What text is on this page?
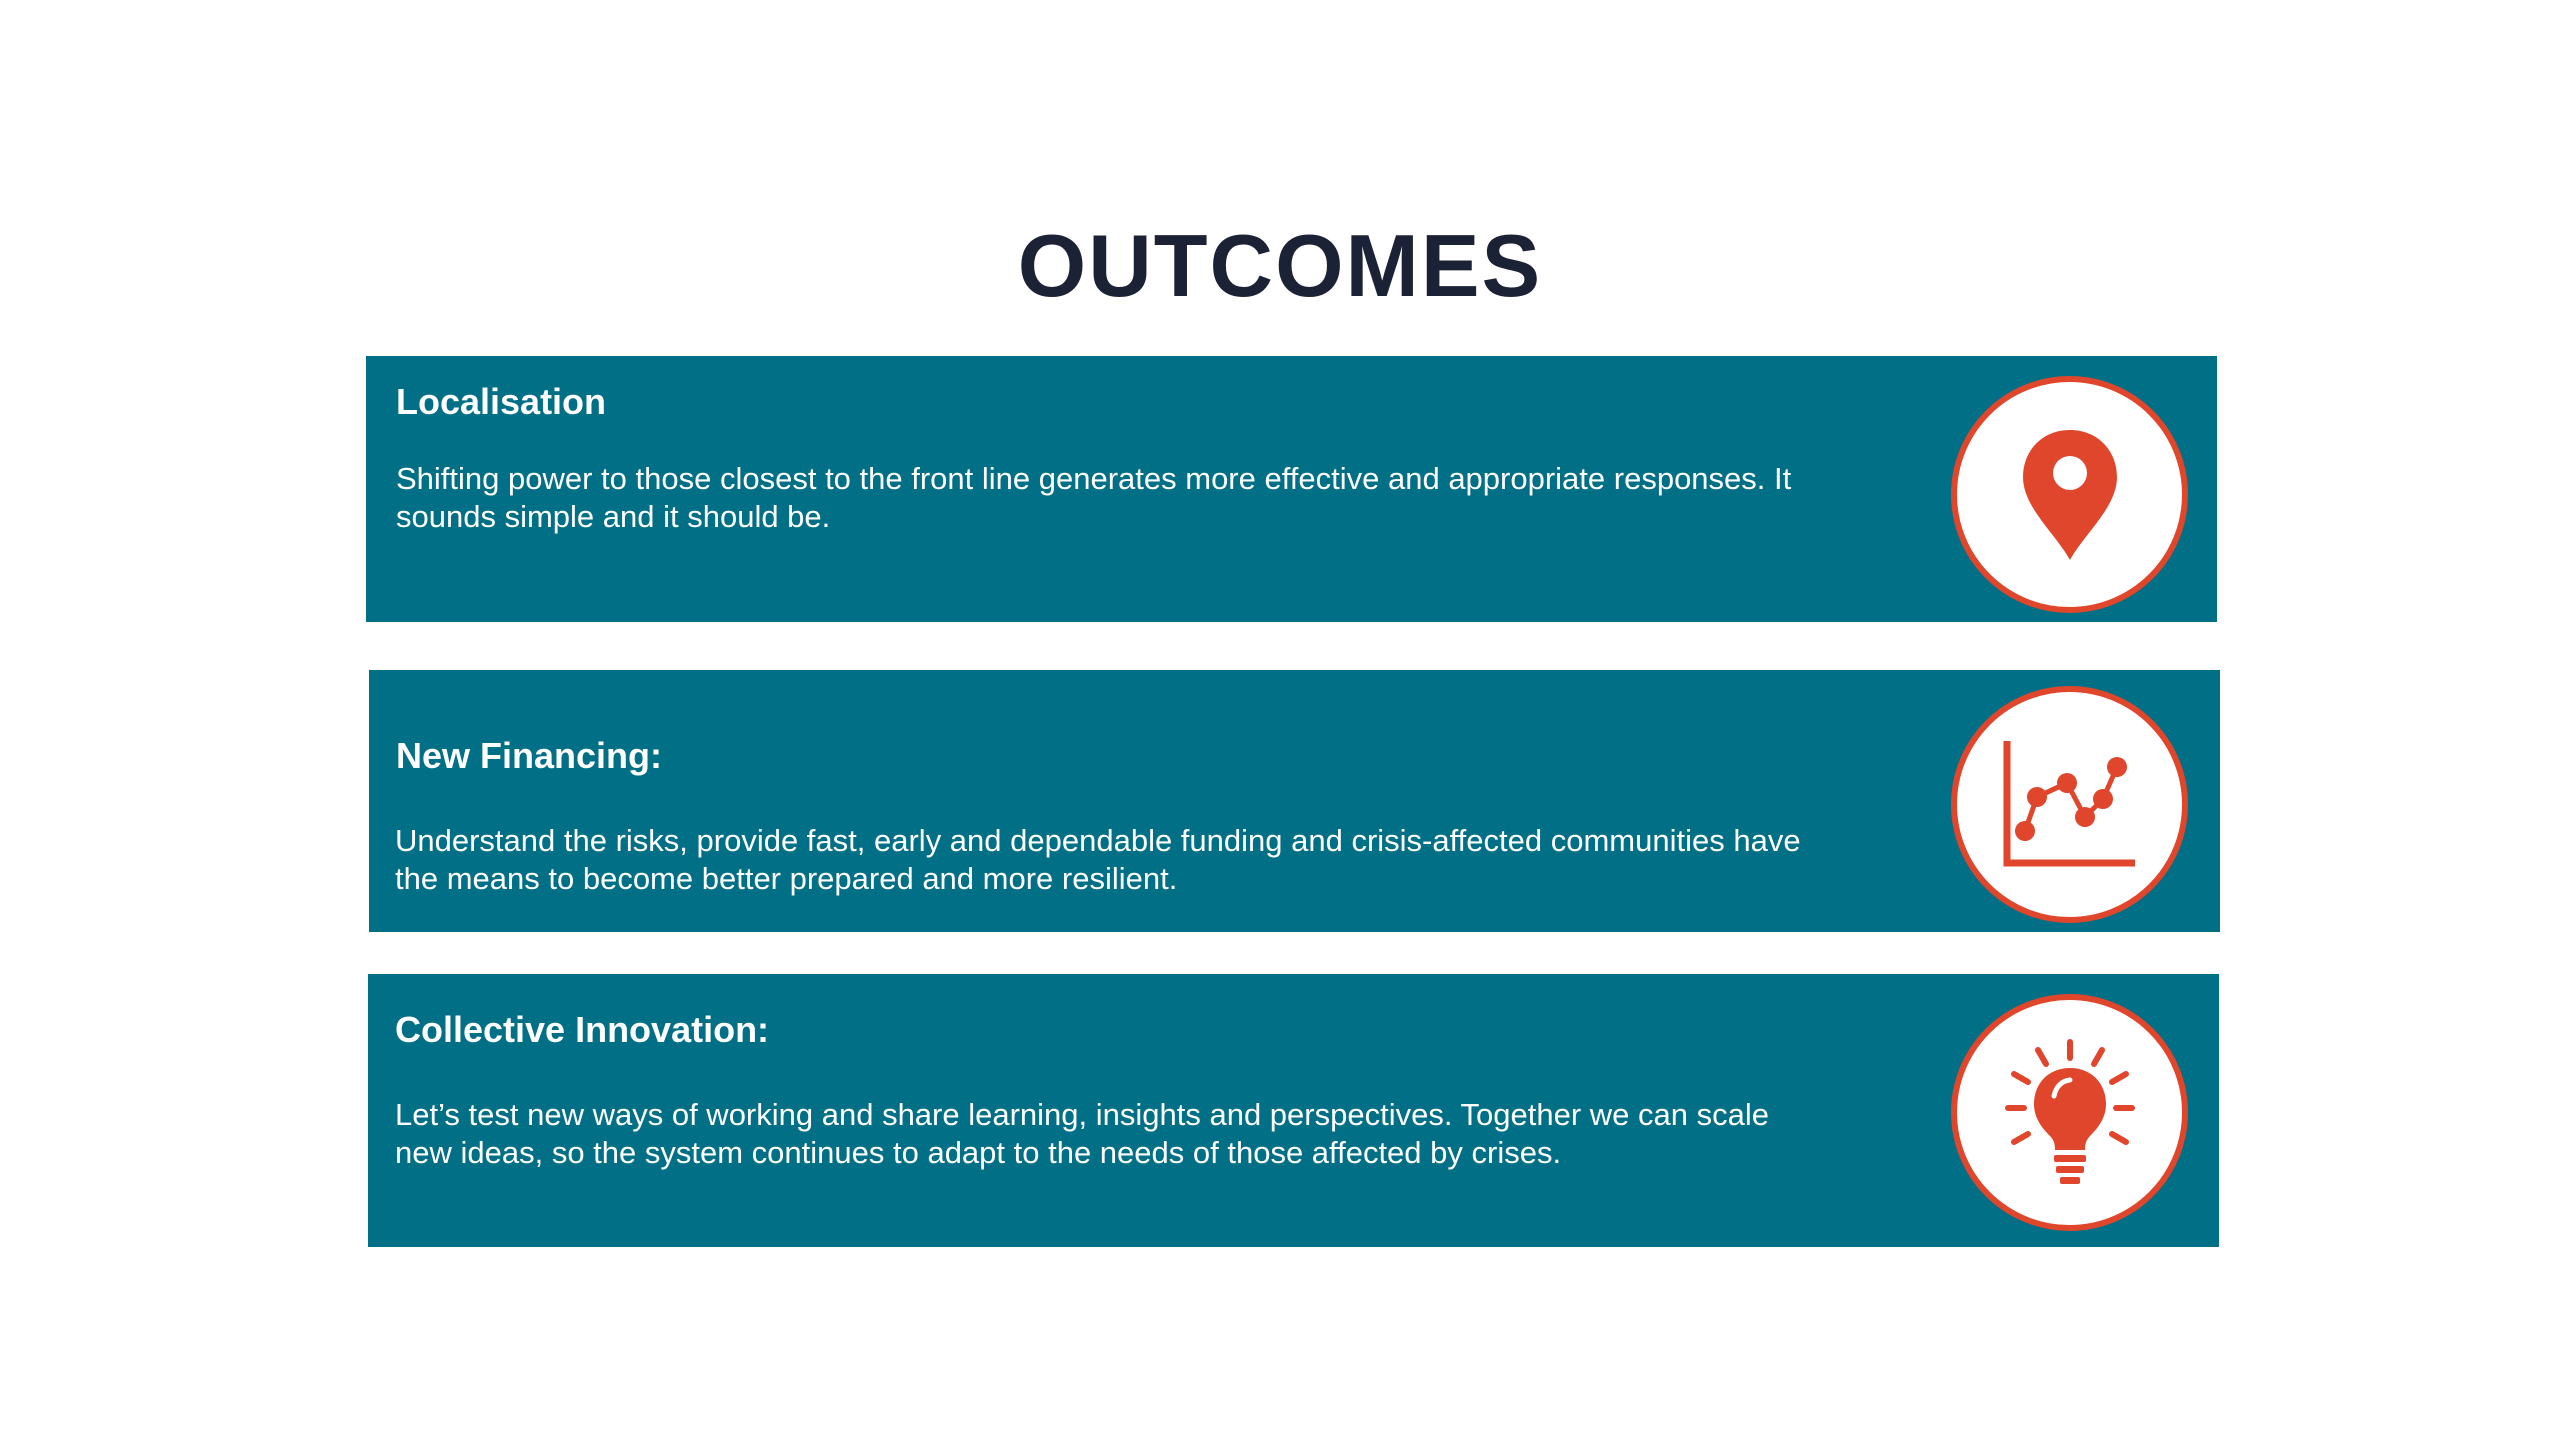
OUTCOMES
Localisation
Shifting power to those closest to the front line generates more effective and appropriate responses. It sounds simple and it should be.
New Financing:
Understand the risks, provide fast, early and dependable funding and crisis-affected communities have the means to become better prepared and more resilient.
Collective Innovation:
Let’s test new ways of working and share learning, insights and perspectives. Together we can scale new ideas, so the system continues to adapt to the needs of those affected by crises.
